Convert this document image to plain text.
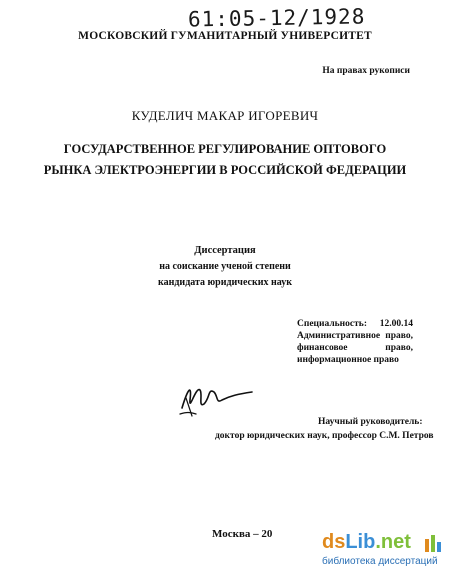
61:05-12/1928
МОСКОВСКИЙ ГУМАНИТАРНЫЙ УНИВЕРСИТЕТ
На правах рукописи
КУДЕЛИЧ МАКАР ИГОРЕВИЧ
ГОСУДАРСТВЕННОЕ РЕГУЛИРОВАНИЕ ОПТОВОГО
РЫНКА ЭЛЕКТРОЭНЕРГИИ В РОССИЙСКОЙ ФЕДЕРАЦИИ
Диссертация
на соискание ученой степени
кандидата юридических наук
Специальность: 12.00.14
Административное право,
финансовое	право,
информационное право
Научный руководитель:
доктор юридических наук, профессор С.М. Петров
Москва – 20 dsLib.net
библиотека диссертаций
